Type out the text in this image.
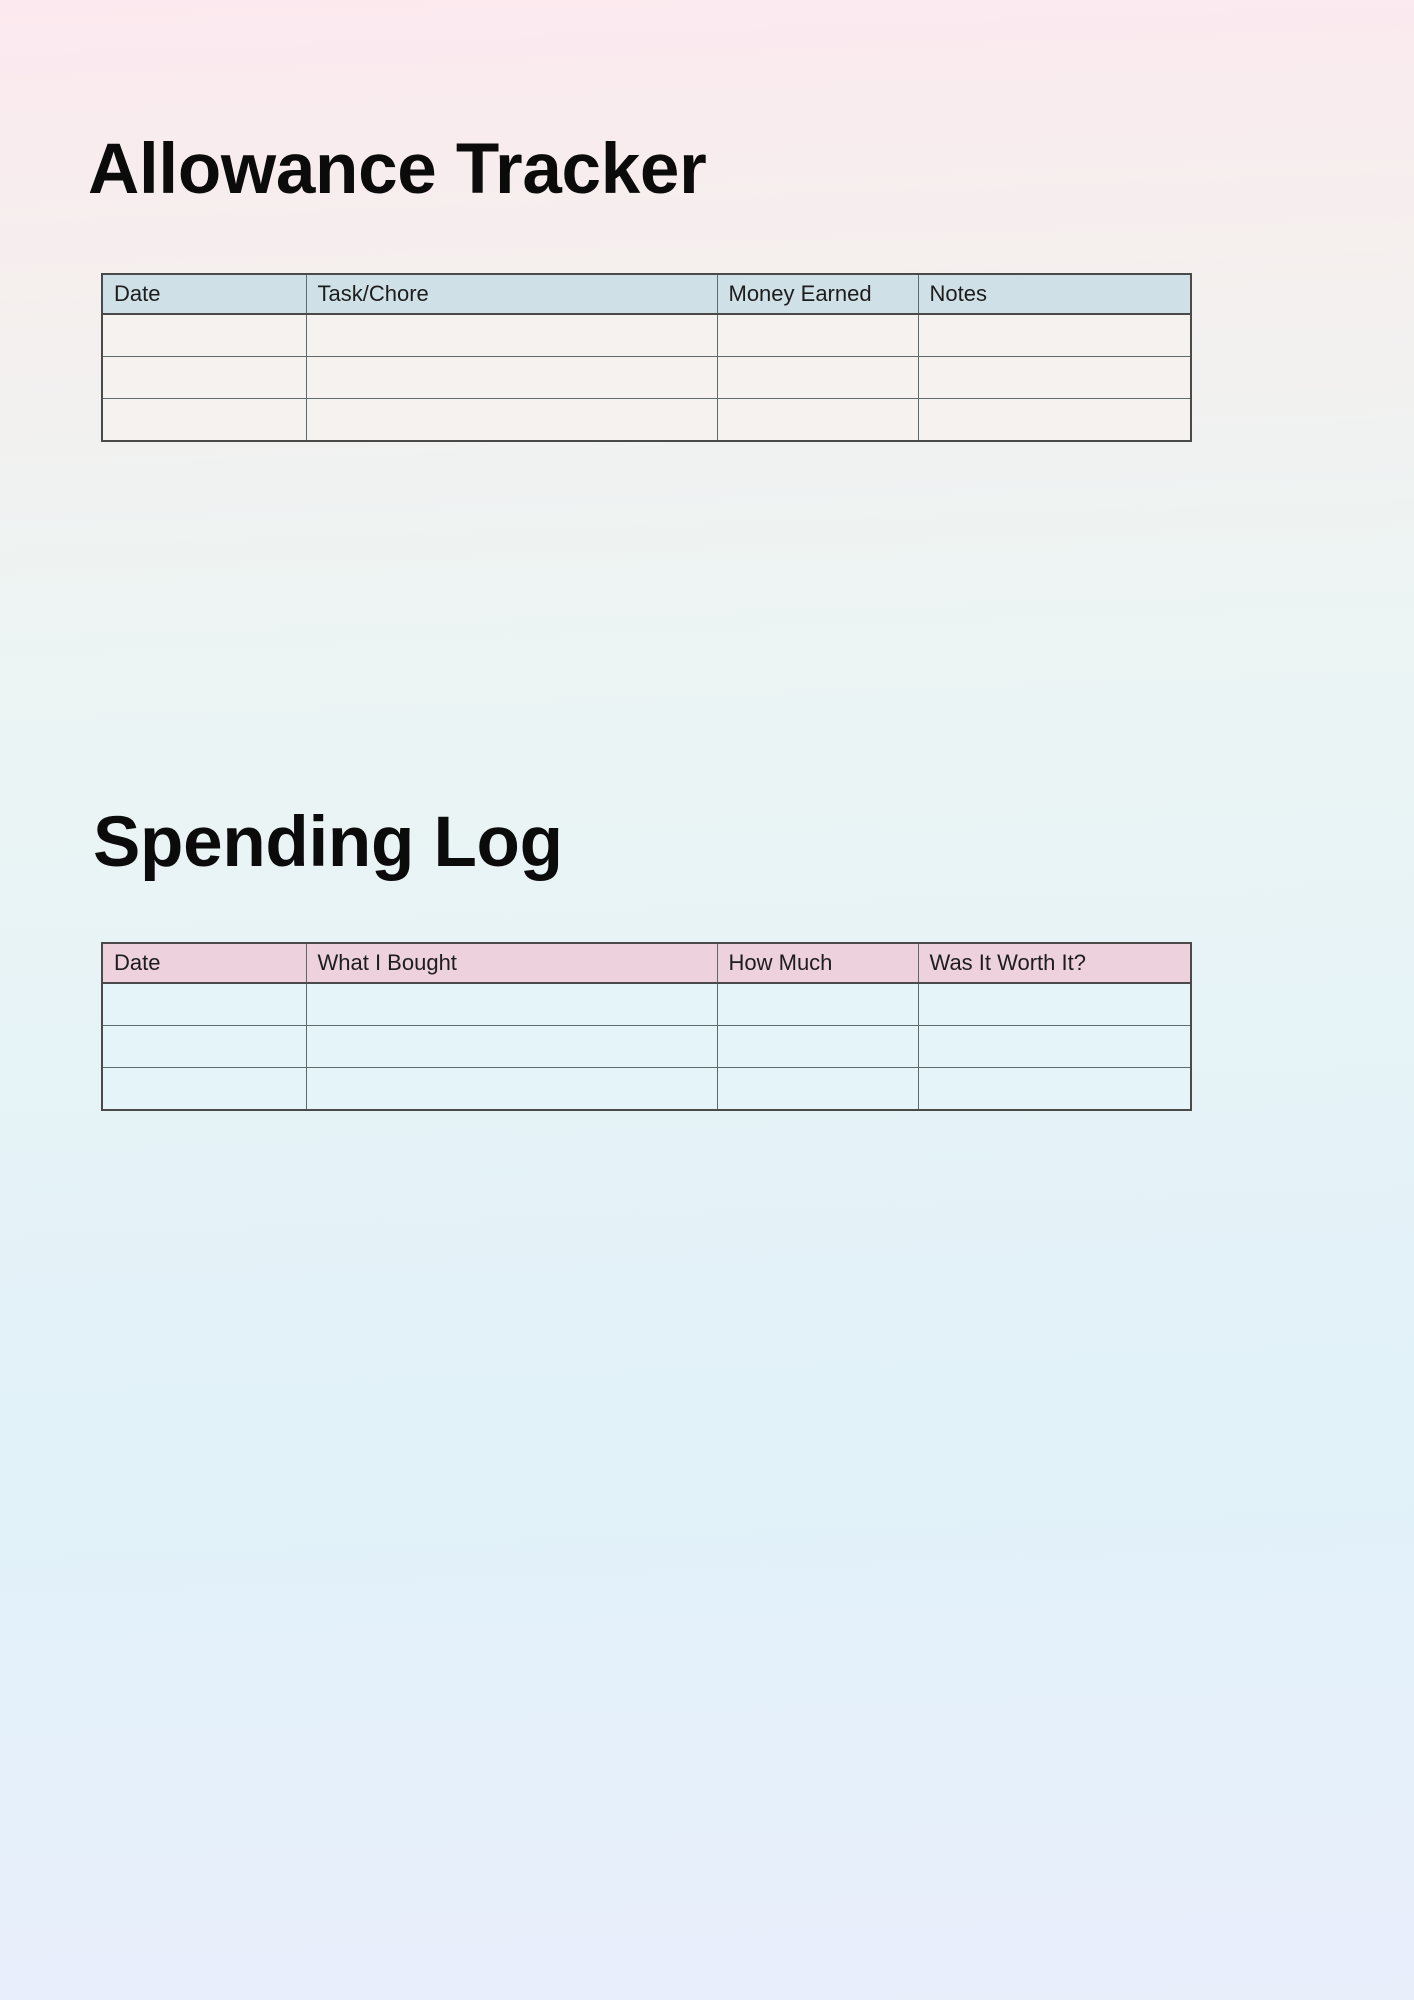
Allowance Tracker
Date	Task/Chore	Money Earned	Notes

Spending Log
Date	What I Bought	How Much	Was It Worth It?
